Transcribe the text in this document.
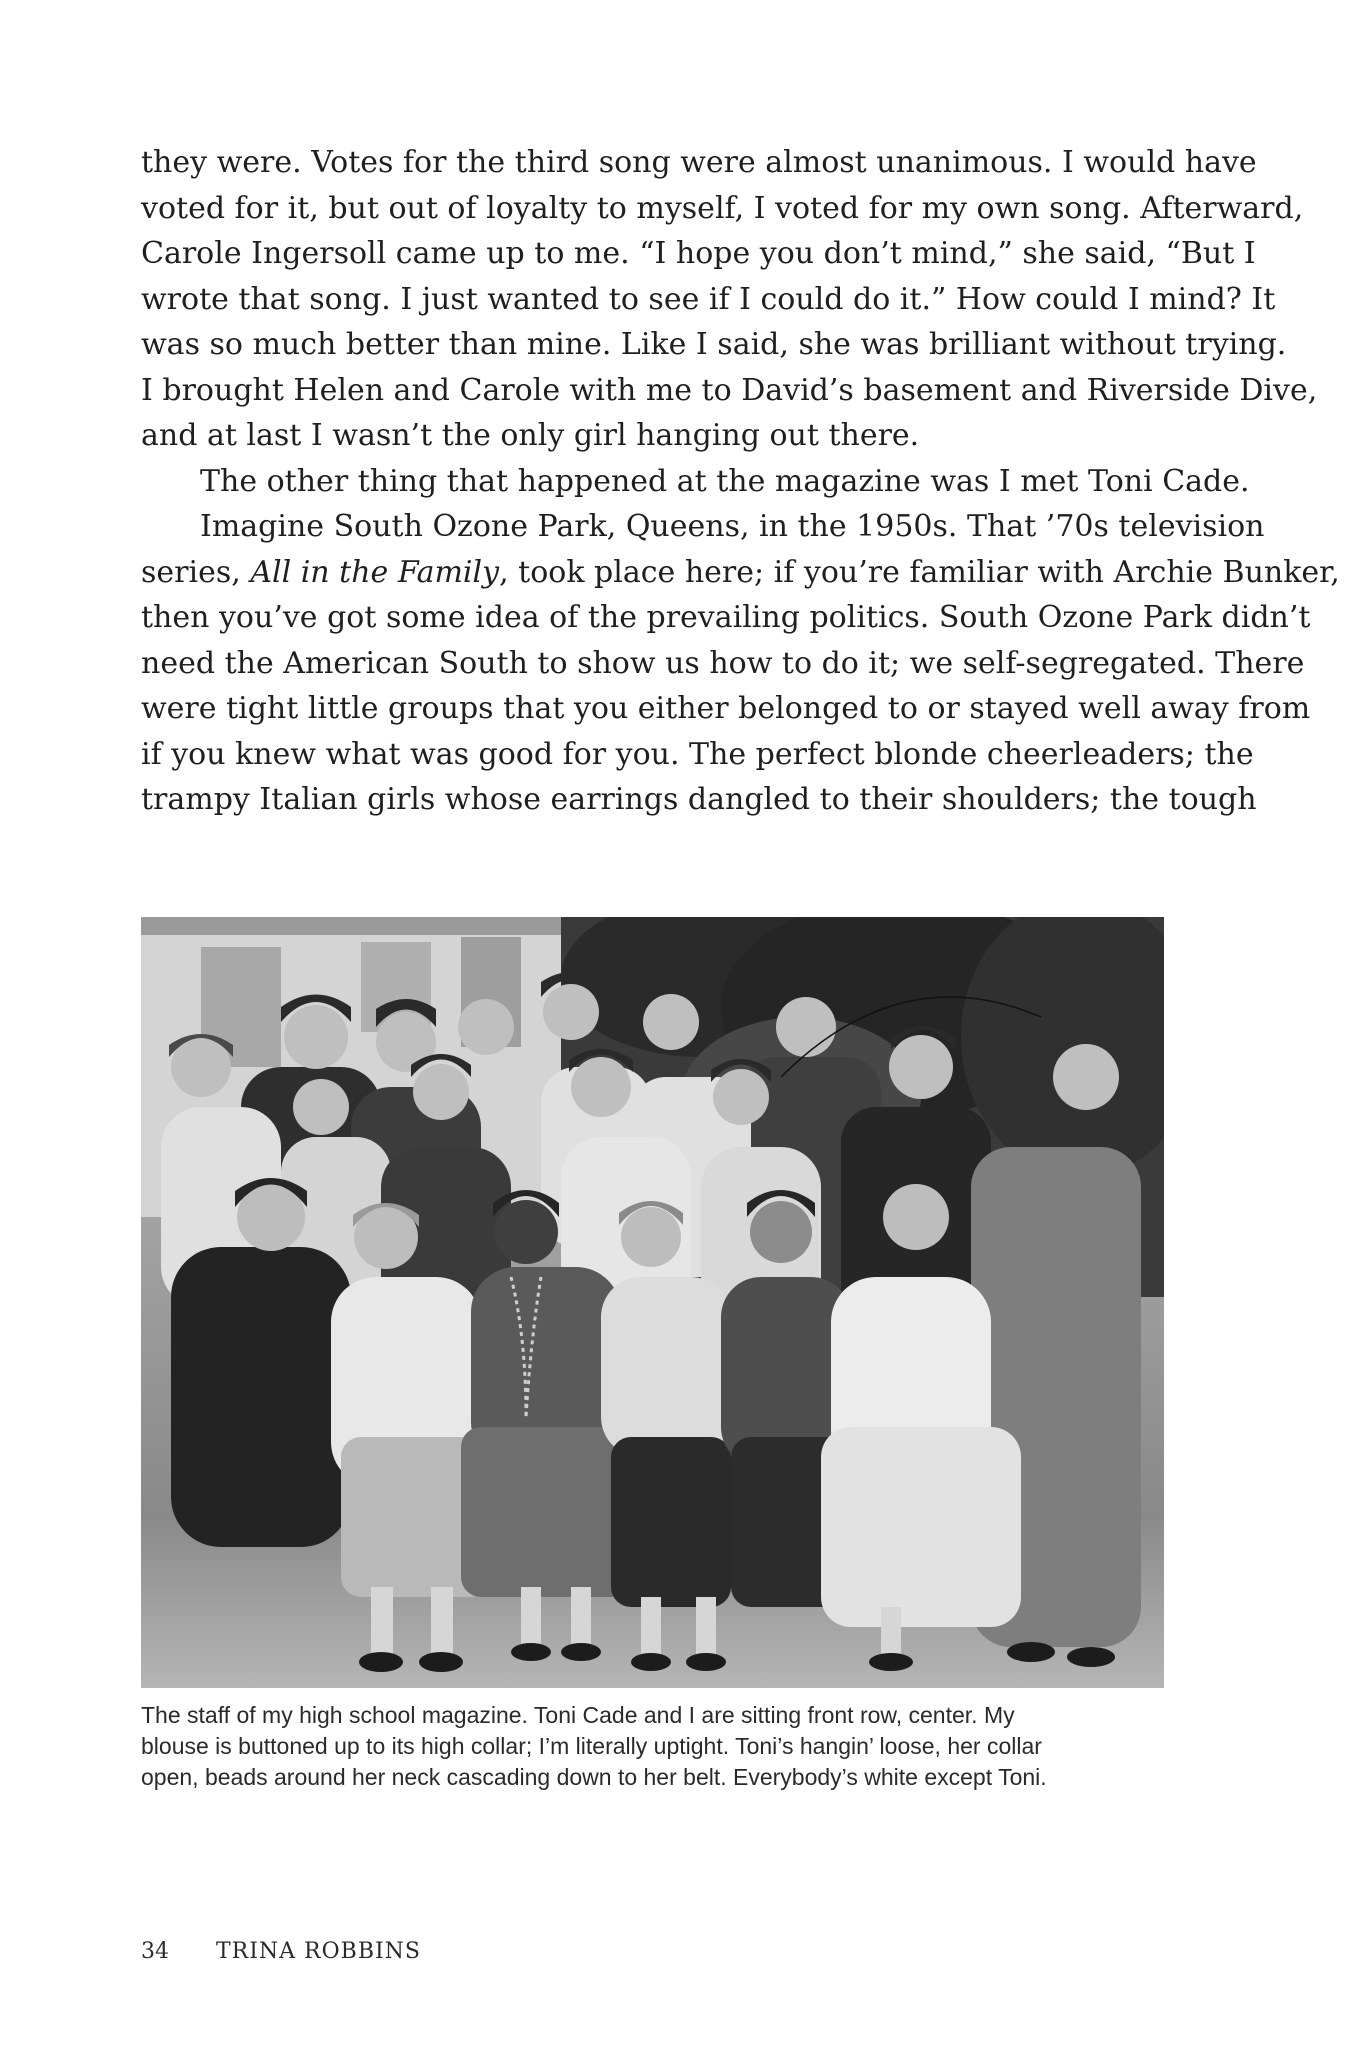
they were. Votes for the third song were almost unanimous. I would have
voted for it, but out of loyalty to myself, I voted for my own song. Afterward,
Carole Ingersoll came up to me. “I hope you don’t mind,” she said, “But I
wrote that song. I just wanted to see if I could do it.” How could I mind? It
was so much better than mine. Like I said, she was brilliant without trying.
I brought Helen and Carole with me to David’s basement and Riverside Dive,
and at last I wasn’t the only girl hanging out there.

The other thing that happened at the magazine was I met Toni Cade.

Imagine South Ozone Park, Queens, in the 1950s. That ’70s television
series, All in the Family, took place here; if you’re familiar with Archie Bunker,
then you’ve got some idea of the prevailing politics. South Ozone Park didn’t
need the American South to show us how to do it; we self-segregated. There
were tight little groups that you either belonged to or stayed well away from
if you knew what was good for you. The perfect blonde cheerleaders; the
trampy Italian girls whose earrings dangled to their shoulders; the tough

The staff of my high school magazine. Toni Cade and I are sitting front row, center. My
blouse is buttoned up to its high collar; I’m literally uptight. Toni’s hangin’ loose, her collar
open, beads around her neck cascading down to her belt. Everybody’s white except Toni.
34	TRINA ROBBINS
